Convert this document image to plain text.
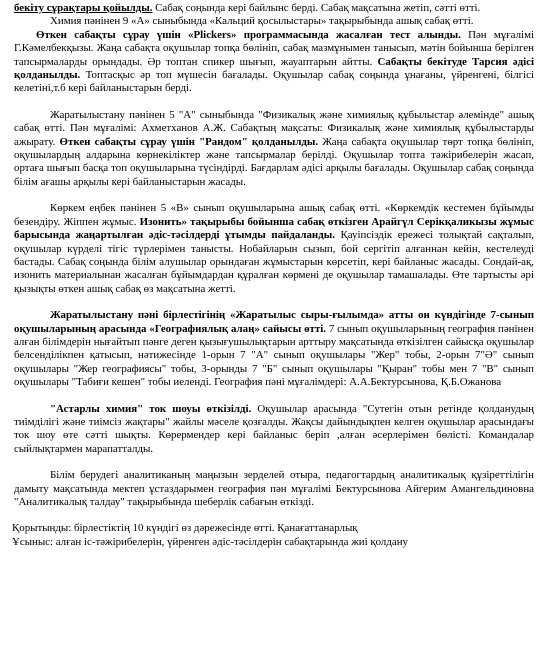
бекіту сұрақтары қойылды. Сабақ соңында кері байлынс берді. Сабақ мақсатына жетіп, сәтті өтті.

Химия пәнінен 9 «А» сыныбында «Кальций қосылыстары» тақырыбында ашық сабақ өтті.

Өткен сабақты сұрау үшін «Plickers» программасында жасалған тест алынды. Пән мұғалімі Г.Кәмелбекқызы. Жаңа сабақта оқушылар топқа бөлініп, сабақ мазмұнымен танысып, мәтін бойынша берілген тапсырмаларды орындады. Әр топтан спикер шығып, жауаптарын айтты. Сабақты бекітуде Тарсия әдісі қолданылды. Топтасқыс әр топ мүшесін бағалады. Оқушылар сабақ соңында ұнағаны, үйренгені, білгісі келетіні,т.б кері байланыстарын берді.

Жаратылыстану пәнінен 5 "А" сыныбында "Физикалық және химиялық құбылыстар әлемінде" ашық сабақ өтті. Пән мұғалімі: Ахметханов А.Ж. Сабақтың мақсаты: Физикалық және химиялық құбылыстарды ажырату. Өткен сабақты сұрау үшін "Рандом" қолданылды. Жаңа сабақта оқушылар төрт топқа бөлініп, оқушылардың алдарына көрнекіліктер және тапсырмалар берілді. Оқушылар топта тәжірибелерін жасап, ортаға шығып басқа топ оқушыларына түсіндірді. Бағдарлам әдісі арқылы бағалады. Оқушылар сабақ соңында білім ағашы арқылы кері байланыстарын жасады.

Көркем еңбек пәнінен 5 «В» сынып оқушыларына ашық сабақ өтті. «Көркемдік кестемен бұйымды безендіру. Жіппен жұмыс. Изонить» тақырыбы бойынша сабақ өткізген Арайгүл Серікқаликызы жұмыс барысында жаңартылған әдіс-тәсілдерді ұтымды пайдаланды. Қауіпсіздік ережесі толықтай сақталып, оқушылар күрделі тігіс түрлерімен танысты. Нобайларын сызып, бой сергітіп алғаннан кейін, кестелеуді бастады. Сабақ соңында білім алушылар орындаған жұмыстарын көрсетіп, кері байланыс жасады. Сондай-ақ, изонить материалынан жасалған бұйымдардан құралған көрмені де оқушылар тамашалады. Өте тартысты әрі қызықты өткен ашық сабақ өз мақсатына жетті.

Жаратылыстану пәні бірлестігінің «Жаратылыс сыры-ғылымда» атты он күндігінде 7-сынып оқушыларының арасында «Географиялық алаң» сайысы өтті. 7 сынып оқушыларының география пәнінен алған білімдерін нығайтып пәнге деген қызығушылықтарын арттыру мақсатында өткізілген сайысқа оқушылар белсенділікпен қатысып, нәтижесінде 1-орын 7 "А" сынып оқушылары "Жер" тобы, 2-орын 7"Ә" сынып оқушылары "Жер географиясы" тобы, 3-орынды 7 "Б" сынып оқушылары "Қыран" тобы мен 7 "В" сынып оқушылары "Табиғи кешен" тобы иеленді. География пәні мұғалімдері: А.А.Бектурсынова, Қ.Б.Ожанова

"Астарлы химия" ток шоуы өткізілді. Оқушылар арасында "Сутегін отын ретінде қолданудың тиімділігі және тиімсіз жақтары" жайлы мәселе қозғалды. Жақсы дайындықпен келген оқушылар арасындағы ток шоу өте сәтті шықты. Көрермендер кері байланыс беріп ,алған әсерлерімен бөлісті. Командалар сыйлықтармен марапатталды.

Білім берудегі аналитиканың маңызын зерделей отыра, педагогтардың аналитикалық құзіреттілігін дамыту мақсатында мектеп ұстаздарымен география пән мұғалімі Бектурсынова Айгерим Амангельдиновна "Аналитикалық талдау" тақырыбында шеберлік сабағын өткізді.

Қорытынды: бірлестіктің 10 күндігі өз дәрежесінде өтті. Қанағаттанарлық

Ұсыныс: алған іс-тәжірибелерін, үйренген әдіс-тәсілдерін сабақтарында жиі қолдану
